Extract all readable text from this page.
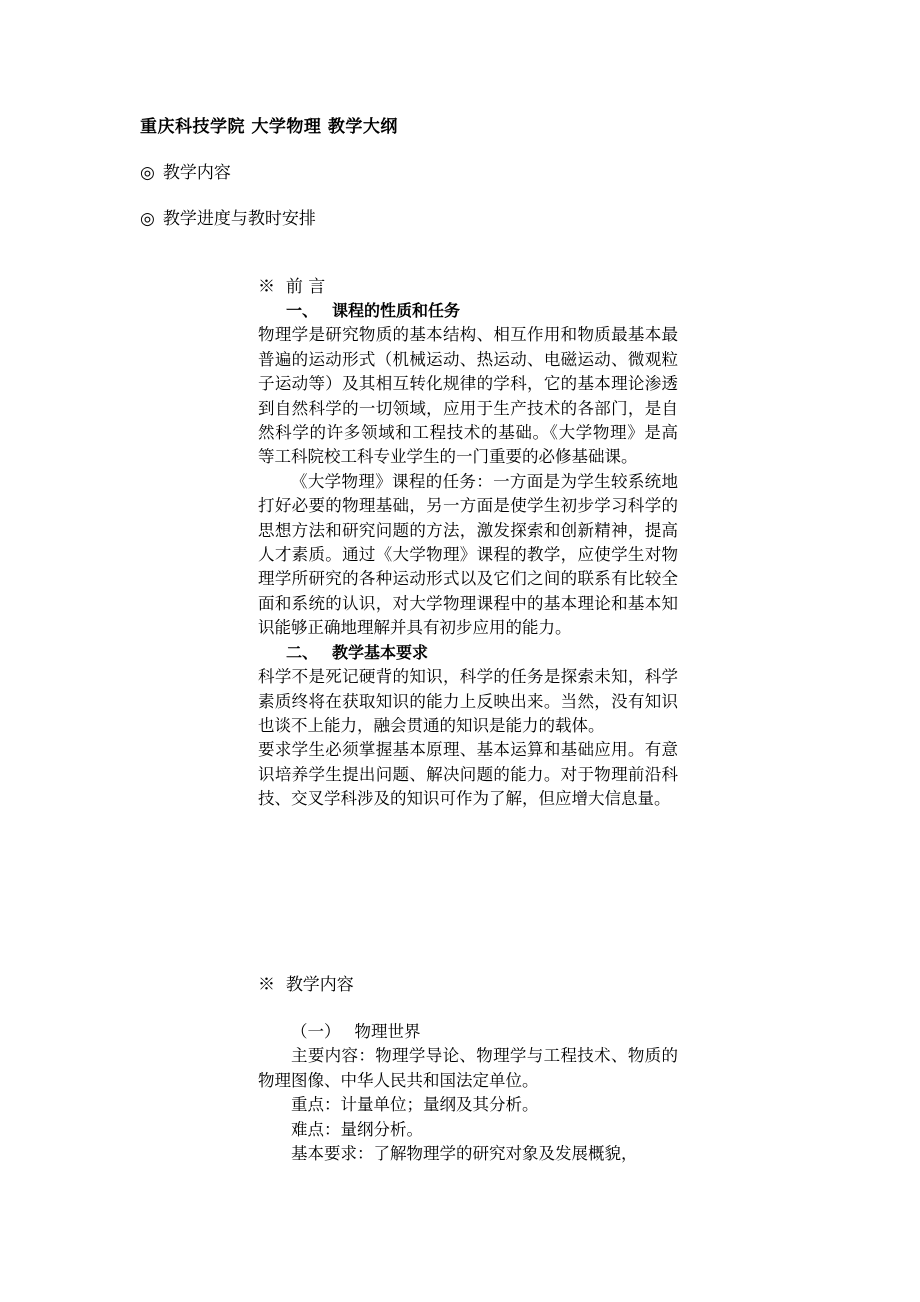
重庆科技学院 大学物理 教学大纲
◎ 教学内容
◎ 教学进度与教时安排
※ 前 言
一、 课程的性质和任务

物理学是研究物质的基本结构、相互作用和物质最基本最普遍的运动形式（机械运动、热运动、电磁运动、微观粒子运动等）及其相互转化规律的学科，它的基本理论渗透到自然科学的一切领域，应用于生产技术的各部门，是自然科学的许多领域和工程技术的基础。《大学物理》是高等工科院校工科专业学生的一门重要的必修基础课。

《大学物理》课程的任务：一方面是为学生较系统地打好必要的物理基础，另一方面是使学生初步学习科学的思想方法和研究问题的方法，激发探索和创新精神，提高人才素质。通过《大学物理》课程的教学，应使学生对物理学所研究的各种运动形式以及它们之间的联系有比较全面和系统的认识，对大学物理课程中的基本理论和基本知识能够正确地理解并具有初步应用的能力。

二、 教学基本要求

科学不是死记硬背的知识，科学的任务是探索未知，科学素质终将在获取知识的能力上反映出来。当然，没有知识也谈不上能力，融会贯通的知识是能力的载体。

要求学生必须掌握基本原理、基本运算和基础应用。有意识培养学生提出问题、解决问题的能力。对于物理前沿科技、交叉学科涉及的知识可作为了解，但应增大信息量。

※ 教学内容
（一） 物理世界

主要内容：物理学导论、物理学与工程技术、物质的物理图像、中华人民共和国法定单位。

重点：计量单位；量纲及其分析。

难点：量纲分析。

基本要求：了解物理学的研究对象及发展概貌，
